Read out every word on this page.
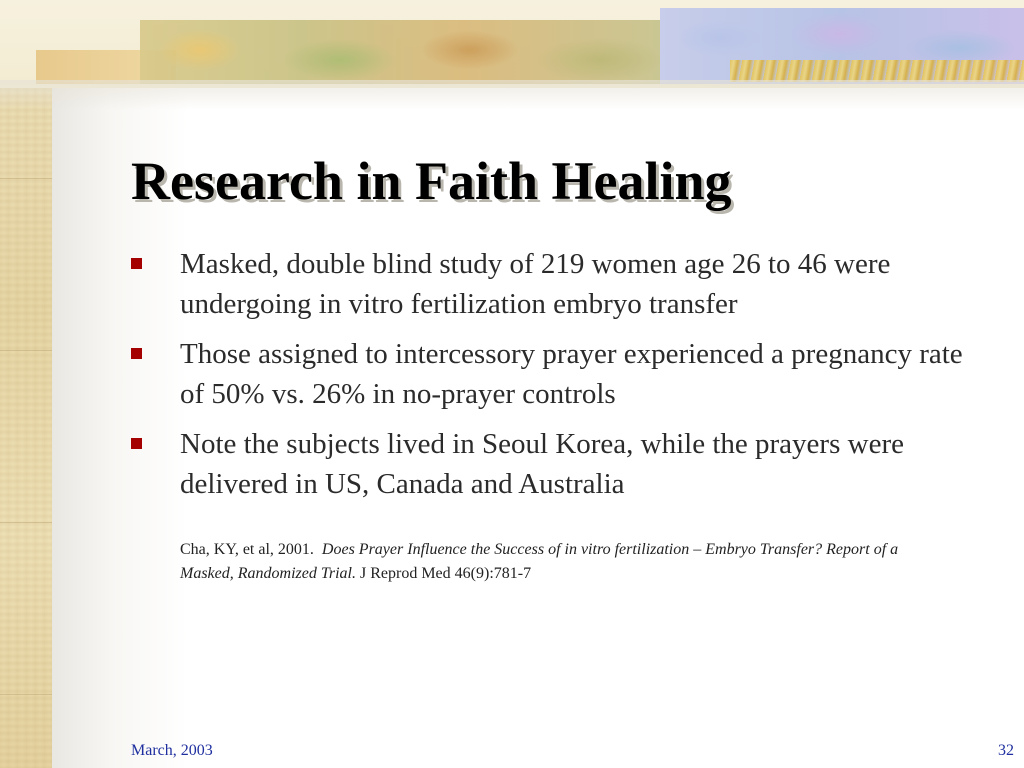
Research in Faith Healing
Masked, double blind study of 219 women age 26 to 46 were undergoing in vitro fertilization embryo transfer
Those assigned to intercessory prayer experienced a pregnancy rate of 50% vs. 26% in no-prayer controls
Note the subjects lived in Seoul Korea, while the prayers were delivered in US, Canada and Australia

Cha, KY, et al, 2001. Does Prayer Influence the Success of in vitro fertilization – Embryo Transfer? Report of a Masked, Randomized Trial. J Reprod Med 46(9):781-7

March, 2003	32
